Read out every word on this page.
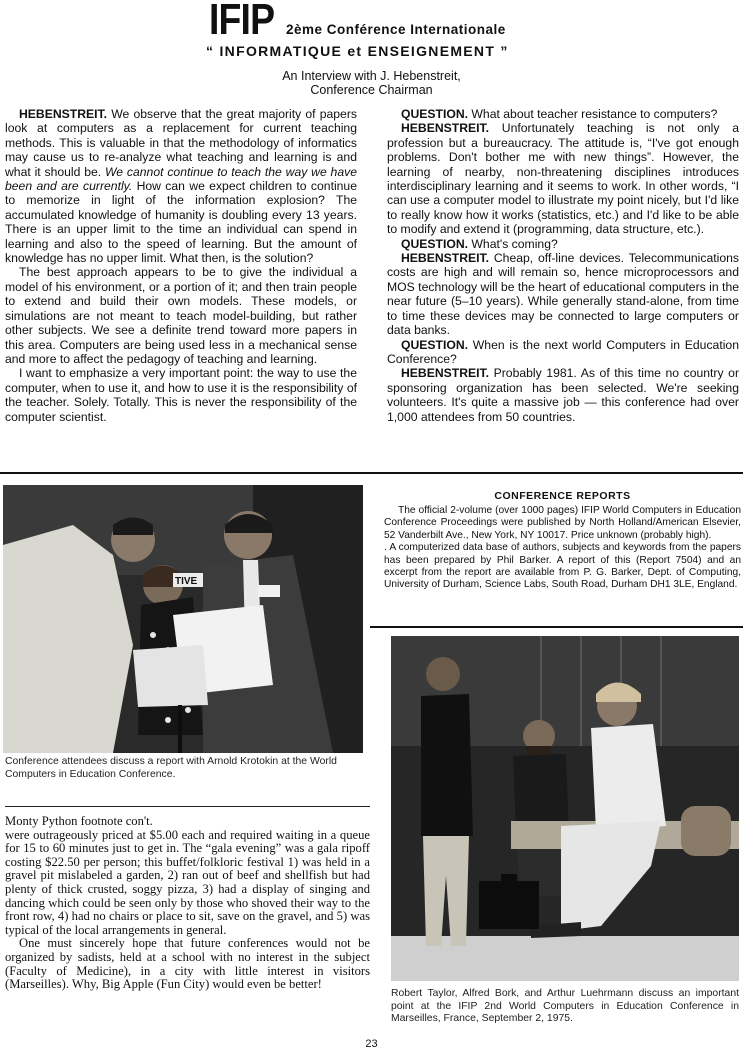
IFIP 2ème Conférence Internationale
“ INFORMATIQUE et ENSEIGNEMENT ”
An Interview with J. Hebenstreit,
Conference Chairman

HEBENSTREIT. We observe that the great majority of papers look at computers as a replacement for current teaching methods. This is valuable in that the methodology of informatics may cause us to re-analyze what teaching and learning is and what it should be. We cannot continue to teach the way we have been and are currently. How can we expect children to continue to memorize in light of the information explosion? The accumulated knowledge of humanity is doubling every 13 years. There is an upper limit to the time an individual can spend in learning and also to the speed of learning. But the amount of knowledge has no upper limit. What then, is the solution?

The best approach appears to be to give the individual a model of his environment, or a portion of it; and then train people to extend and build their own models. These models, or simulations are not meant to teach model-building, but rather other subjects. We see a definite trend toward more papers in this area. Computers are being used less in a mechanical sense and more to affect the pedagogy of teaching and learning.

I want to emphasize a very important point: the way to use the computer, when to use it, and how to use it is the responsibility of the teacher. Solely. Totally. This is never the responsibility of the computer scientist.

QUESTION. What about teacher resistance to computers?

HEBENSTREIT. Unfortunately teaching is not only a profession but a bureaucracy. The attitude is, “I've got enough problems. Don't bother me with new things”. However, the learning of nearby, non-threatening disciplines introduces interdisciplinary learning and it seems to work. In other words, “I can use a computer model to illustrate my point nicely, but I'd like to really know how it works (statistics, etc.) and I'd like to be able to modify and extend it (programming, data structure, etc.).

QUESTION. What's coming?

HEBENSTREIT. Cheap, off-line devices. Telecommunications costs are high and will remain so, hence microprocessors and MOS technology will be the heart of educational computers in the near future (5–10 years). While generally stand-alone, from time to time these devices may be connected to large computers or data banks.

QUESTION. When is the next world Computers in Education Conference?

HEBENSTREIT. Probably 1981. As of this time no country or sponsoring organization has been selected. We're seeking volunteers. It's quite a massive job — this conference had over 1,000 attendees from 50 countries.

TIVE
Conference attendees discuss a report with Arnold Krotokin at the World Computers in Education Conference.
CONFERENCE REPORTS

The official 2-volume (over 1000 pages) IFIP World Computers in Education Conference Proceedings were published by North Holland/American Elsevier, 52 Vanderbilt Ave., New York, NY 10017. Price unknown (probably high).

. A computerized data base of authors, subjects and keywords from the papers has been prepared by Phil Barker. A report of this (Report 7504) and an excerpt from the report are available from P. G. Barker, Dept. of Computing, University of Durham, Science Labs, South Road, Durham DH1 3LE, England.

Robert Taylor, Alfred Bork, and Arthur Luehrmann discuss an important point at the IFIP 2nd World Computers in Education Conference in Marseilles, France, September 2, 1975.

Monty Python footnote con't.

were outrageously priced at $5.00 each and required waiting in a queue for 15 to 60 minutes just to get in. The “gala evening” was a gala ripoff costing $22.50 per person; this buffet/folkloric festival 1) was held in a gravel pit mislabeled a garden, 2) ran out of beef and shellfish but had plenty of thick crusted, soggy pizza, 3) had a display of singing and dancing which could be seen only by those who shoved their way to the front row, 4) had no chairs or place to sit, save on the gravel, and 5) was typical of the local arrangements in general.

One must sincerely hope that future conferences would not be organized by sadists, held at a school with no interest in the subject (Faculty of Medicine), in a city with little interest in visitors (Marseilles). Why, Big Apple (Fun City) would even be better!

23
